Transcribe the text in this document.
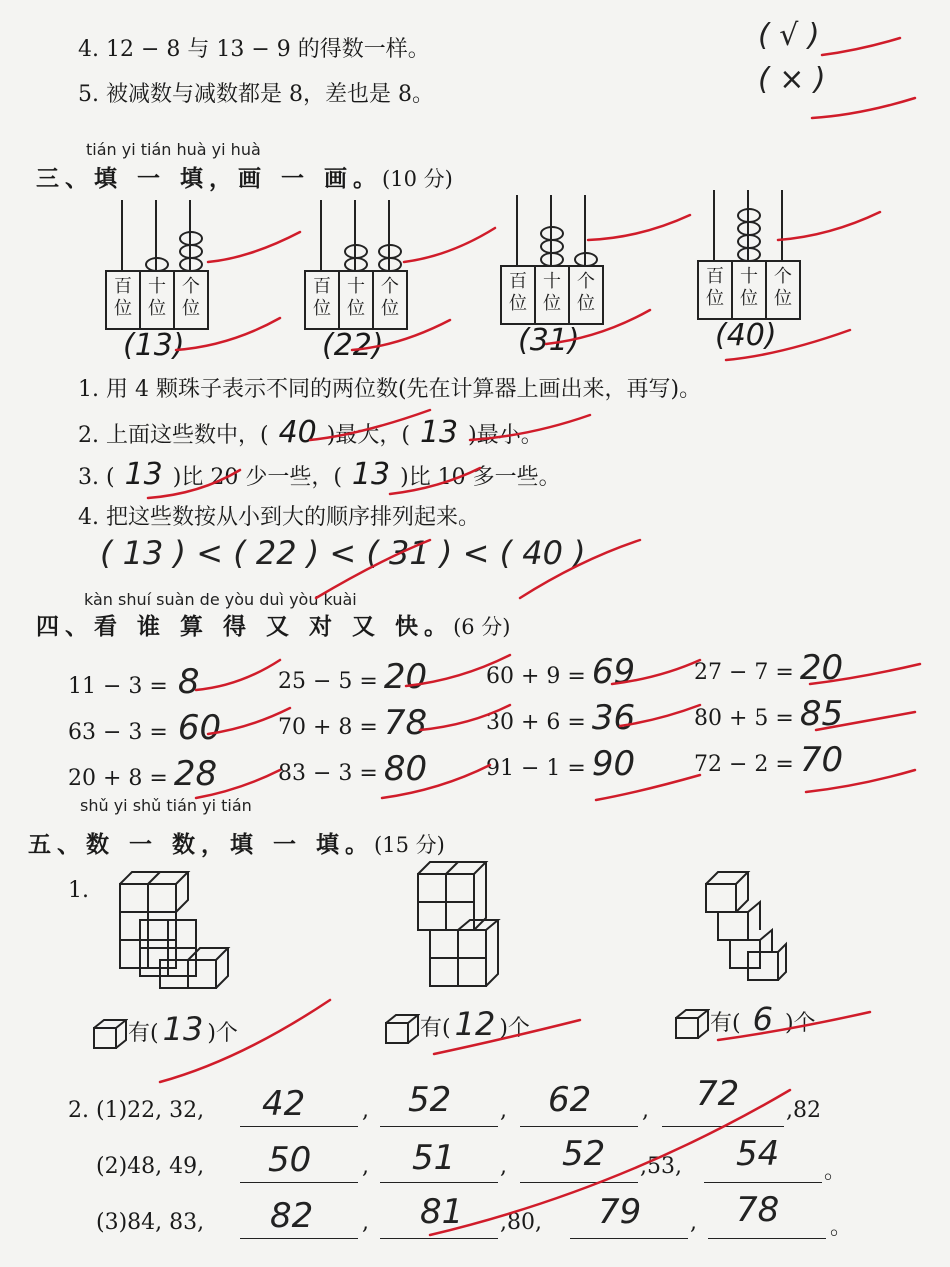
4. 12 − 8 与 13 − 9 的得数一样。	( √ )
5. 被减数与减数都是 8，差也是 8。	( × )
tián yi tián huà yi huà
三、填 一 填，画 一 画。(10 分)
百位
十位
个位
(13)
百位
十位
个位
(22)
百位
十位
个位
(31)
百位
十位
个位
(40)
1. 用 4 颗珠子表示不同的两位数(先在计算器上画出来，再写)。
2. 上面这些数中，( 40 )最大，( 13 )最小。
3. ( 13 )比 20 少一些，( 13 )比 10 多一些。
4. 把这些数按从小到大的顺序排列起来。
( 13 ) < ( 22 ) < ( 31 ) < ( 40 )
kàn shuí suàn de yòu duì yòu kuài
四、看 谁 算 得 又 对 又 快。(6 分)
11 − 3 = 8	25 − 5 = 20	60 + 9 = 69	27 − 7 = 20
63 − 3 = 60	70 + 8 = 78	30 + 6 = 36	80 + 5 = 85
20 + 8 = 28	83 − 3 = 80	91 − 1 = 90	72 − 2 = 70
shǔ yi shǔ tián yi tián
五、数 一 数，填 一 填。(15 分)
1.
有( 13 )个	有( 12 )个	有( 6 )个
2. (1)22, 32, 42	, 52 , 62 , 72 ,82
(2)48, 49, 50 , 51 , 52 ,53, 54 。
(3)84, 83, 82 , 81 ,80, 79 , 78 。
